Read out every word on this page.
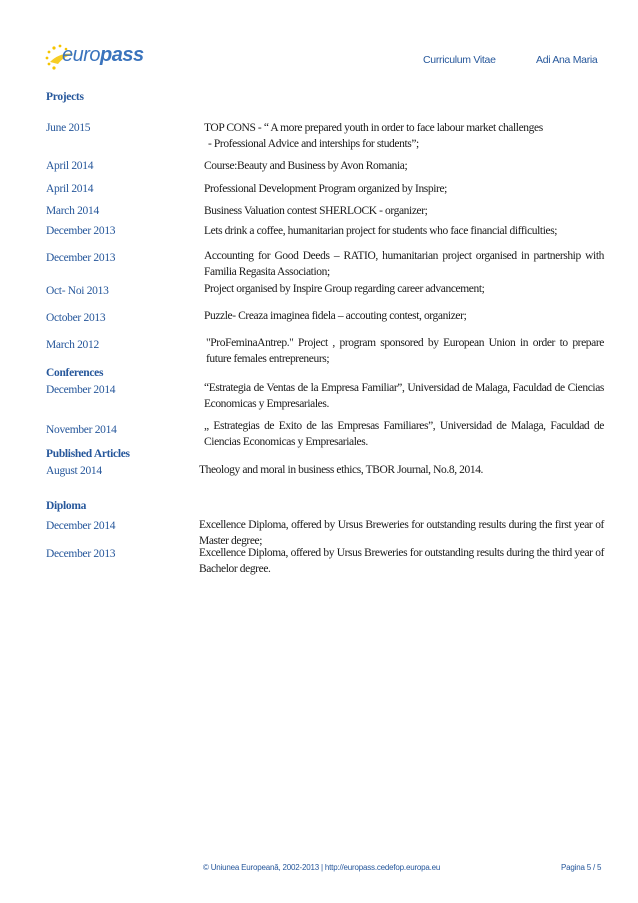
europass	Curriculum Vitae	Adi Ana Maria
Projects
June 2015	TOP CONS - “ A more prepared youth in order to face labour market challenges
- Professional Advice and interships for students”;
April 2014	Course:Beauty and Business by Avon Romania;
April 2014	Professional Development Program organized by Inspire;
March 2014	Business Valuation contest SHERLOCK - organizer;
December 2013	Lets drink a coffee, humanitarian project for students who face financial difficulties;
December 2013	Accounting for Good Deeds – RATIO, humanitarian project organised in partnership with Familia Regasita Association;
Oct- Noi 2013	Project organised by Inspire Group regarding career advancement;
October 2013	Puzzle- Creaza imaginea fidela – accouting contest, organizer;
March 2012	"ProFeminaAntrep." Project , program sponsored by European Union in order to prepare future females entrepreneurs;
Conferences
December 2014	“Estrategia de Ventas de la Empresa Familiar”, Universidad de Malaga, Faculdad de Ciencias Economicas y Empresariales.
November 2014	„ Estrategias de Exito de las Empresas Familiares”, Universidad de Malaga, Faculdad de Ciencias Economicas y Empresariales.
Published Articles
August 2014	Theology and moral in business ethics, TBOR Journal, No.8, 2014.
Diploma
December 2014	Excellence Diploma, offered by Ursus Breweries for outstanding results during the first year of Master degree;
December 2013	Excellence Diploma, offered by Ursus Breweries for outstanding results during the third year of Bachelor degree.
© Uniunea Europeană, 2002-2013 | http://europass.cedefop.europa.eu	Pagina 5 / 5
